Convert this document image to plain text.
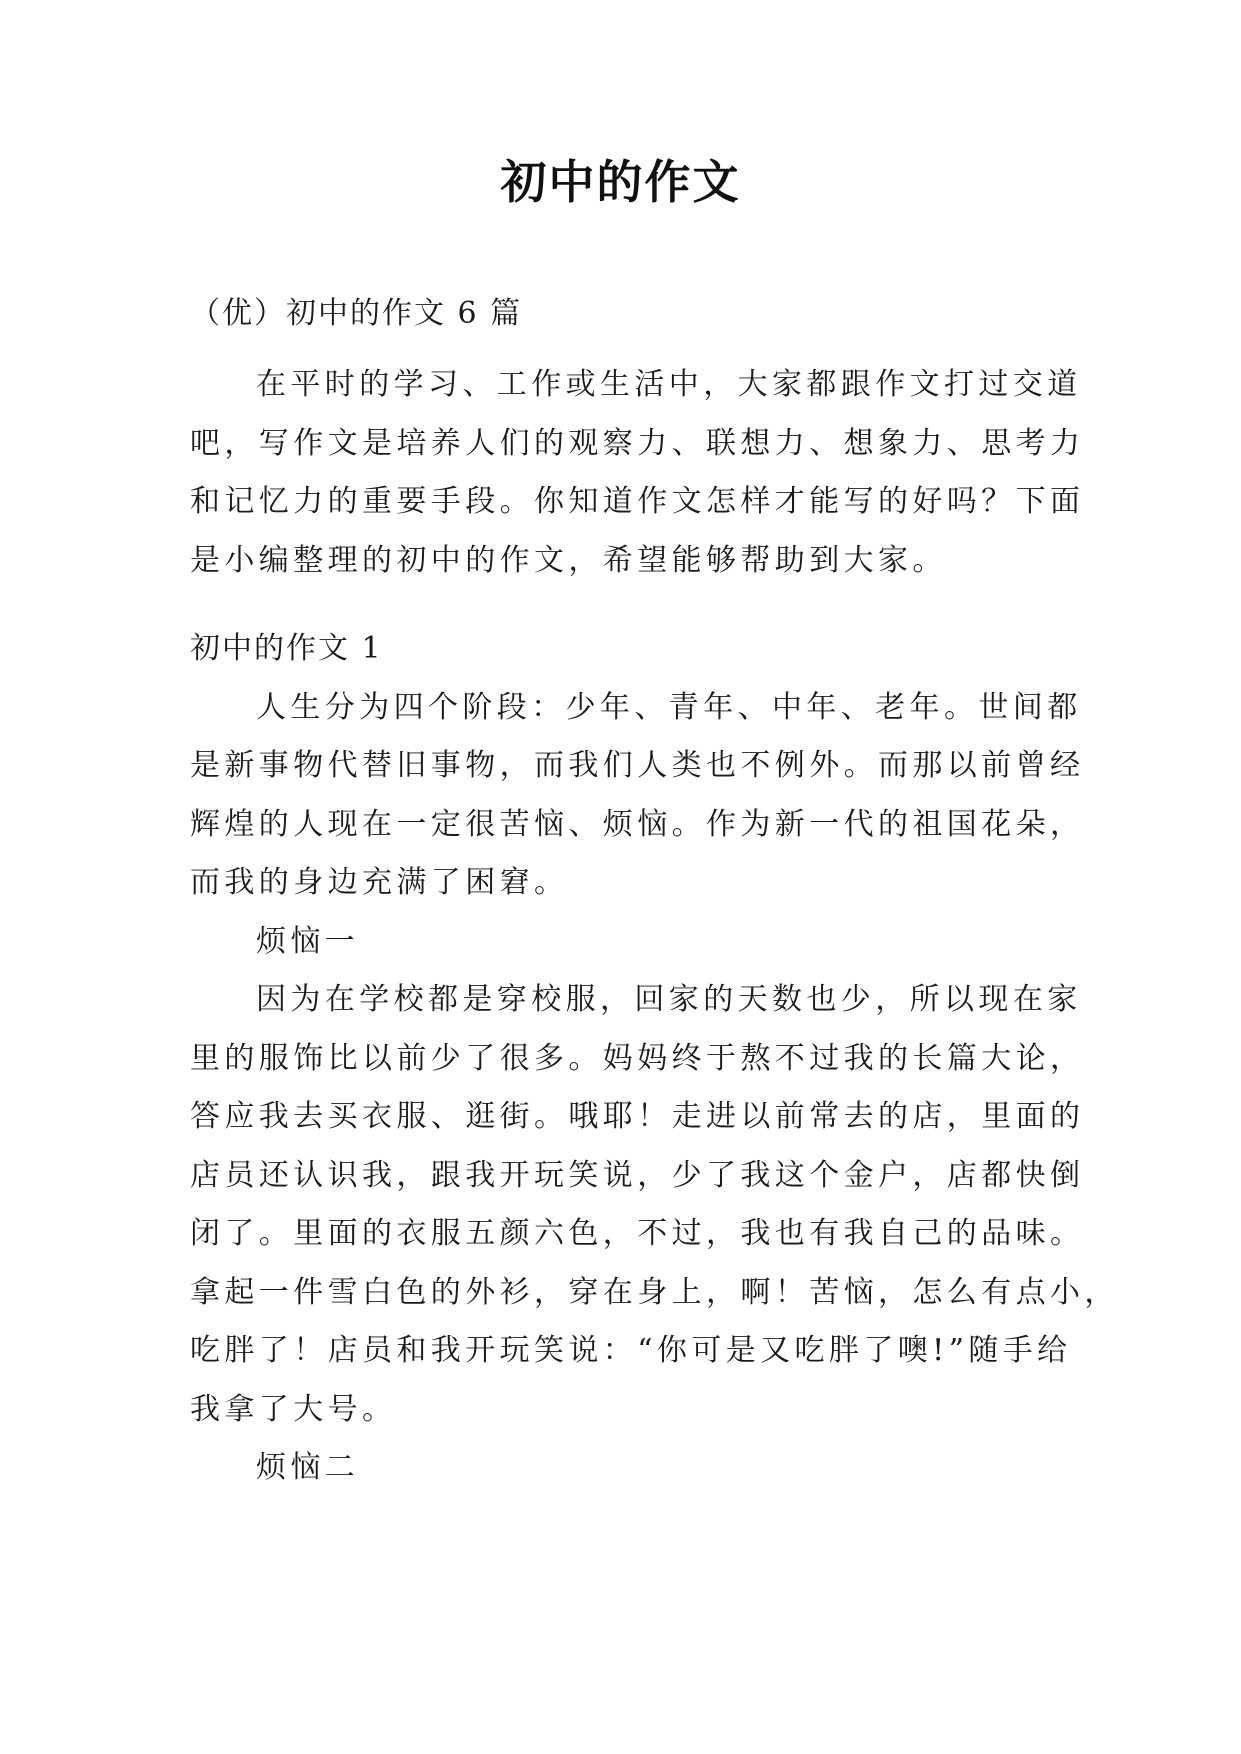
初中的作文
（优）初中的作文 6 篇
在平时的学习、工作或生活中，大家都跟作文打过交道
吧，写作文是培养人们的观察力、联想力、想象力、思考力
和记忆力的重要手段。你知道作文怎样才能写的好吗？下面
是小编整理的初中的作文，希望能够帮助到大家。
初中的作文 1
人生分为四个阶段：少年、青年、中年、老年。世间都
是新事物代替旧事物，而我们人类也不例外。而那以前曾经
辉煌的人现在一定很苦恼、烦恼。作为新一代的祖国花朵，
而我的身边充满了困窘。
烦恼一
因为在学校都是穿校服，回家的天数也少，所以现在家
里的服饰比以前少了很多。妈妈终于熬不过我的长篇大论，
答应我去买衣服、逛街。哦耶！走进以前常去的店，里面的
店员还认识我，跟我开玩笑说，少了我这个金户，店都快倒
闭了。里面的衣服五颜六色，不过，我也有我自己的品味。
拿起一件雪白色的外衫，穿在身上，啊！苦恼，怎么有点小，
吃胖了！店员和我开玩笑说：“你可是又吃胖了噢!”随手给
我拿了大号。
烦恼二
